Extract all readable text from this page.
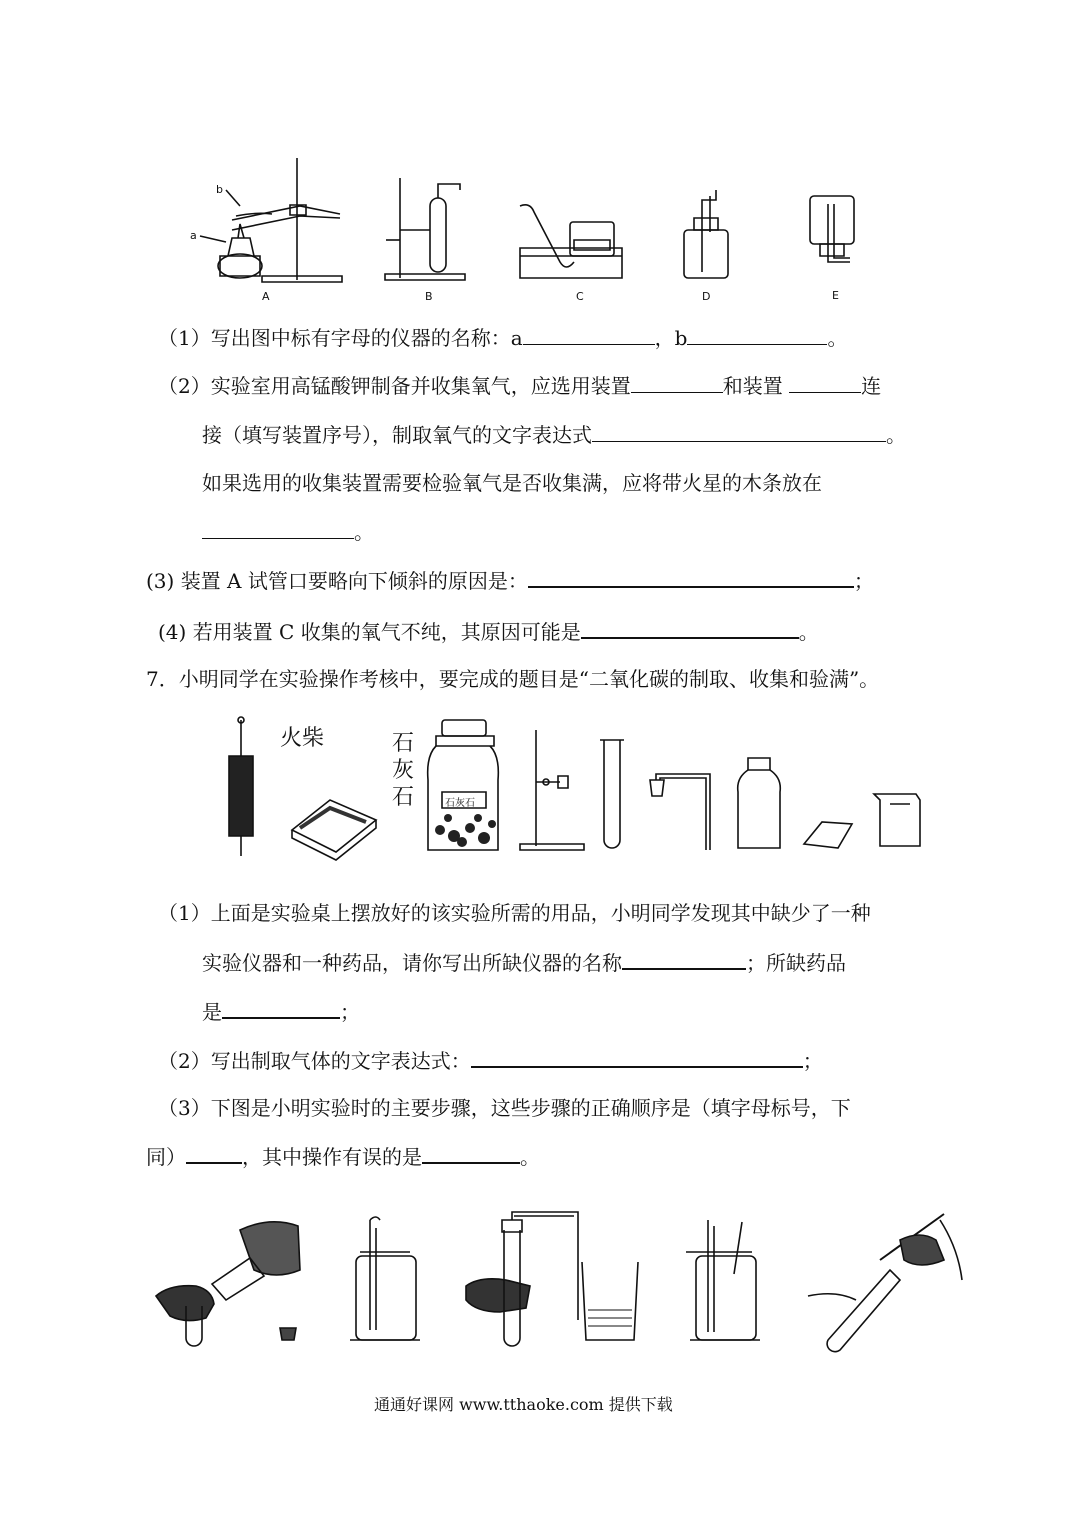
b
a
A	B	C	D	E
（1）写出图中标有字母的仪器的名称：a	，b	。
（2）实验室用高锰酸钾制备并收集氧气，应选用装置	和装置	连
接（填写装置序号），制取氧气的文字表达式	。
如果选用的收集装置需要检验氧气是否收集满，应将带火星的木条放在
。
(3) 装置 A 试管口要略向下倾斜的原因是：	；
(4) 若用装置 C 收集的氧气不纯，其原因可能是	。
7．小明同学在实验操作考核中，要完成的题目是“二氧化碳的制取、收集和验满”。
火柴	石灰石	石灰石
（1）上面是实验桌上摆放好的该实验所需的用品，小明同学发现其中缺少了一种
实验仪器和一种药品，请你写出所缺仪器的名称	；所缺药品
是	；
（2）写出制取气体的文字表达式：	；
（3）下图是小明实验时的主要步骤，这些步骤的正确顺序是（填字母标号，下
同）	，其中操作有误的是	。
通通好课网 www.tthaoke.com 提供下载
